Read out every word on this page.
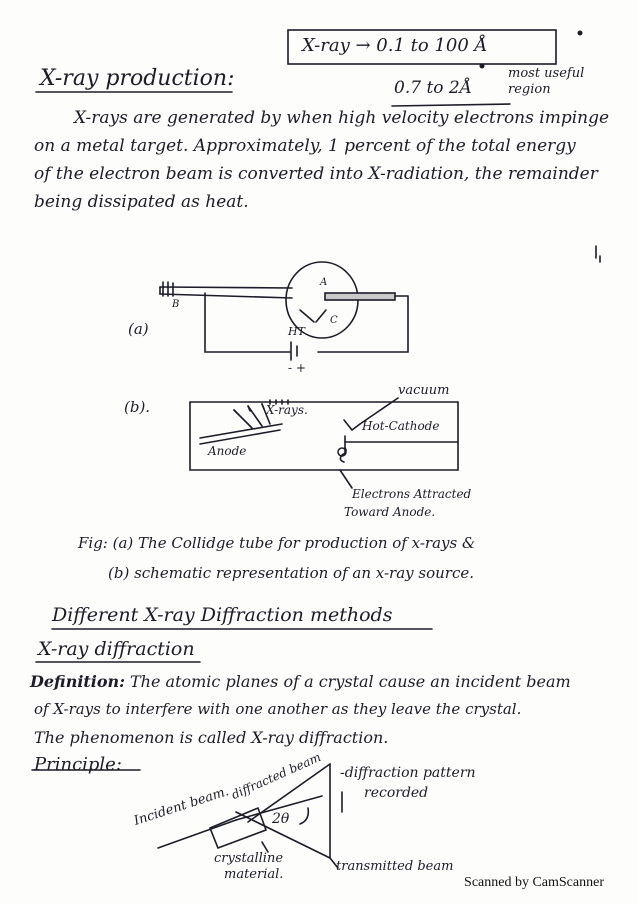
X-ray → 0.1 to 100 Å
0.7 to 2Å
most useful region
X-ray production:
X-rays are generated by when high velocity electrons impinge
on a metal target. Approximately, 1 percent of the total energy
of the electron beam is converted into X-radiation, the remainder
being dissipated as heat.
(a)
B
A
C
HT
- +
(b).	X-rays.
vacuum
Hot-Cathode
Anode
Electrons Attracted
Toward Anode.
Fig: (a) The Collidge tube for production of x-rays &
(b) schematic representation of an x-ray source.
Different X-ray Diffraction methods
X-ray diffraction
Definition: The atomic planes of a crystal cause an incident beam
of X-rays to interfere with one another as they leave the crystal.
The phenomenon is called X-ray diffraction.
Principle:
Incident beam.
diffracted beam -diffraction pattern
recorded
2θ
crystalline
material.
transmitted beam
Scanned by CamScanner
